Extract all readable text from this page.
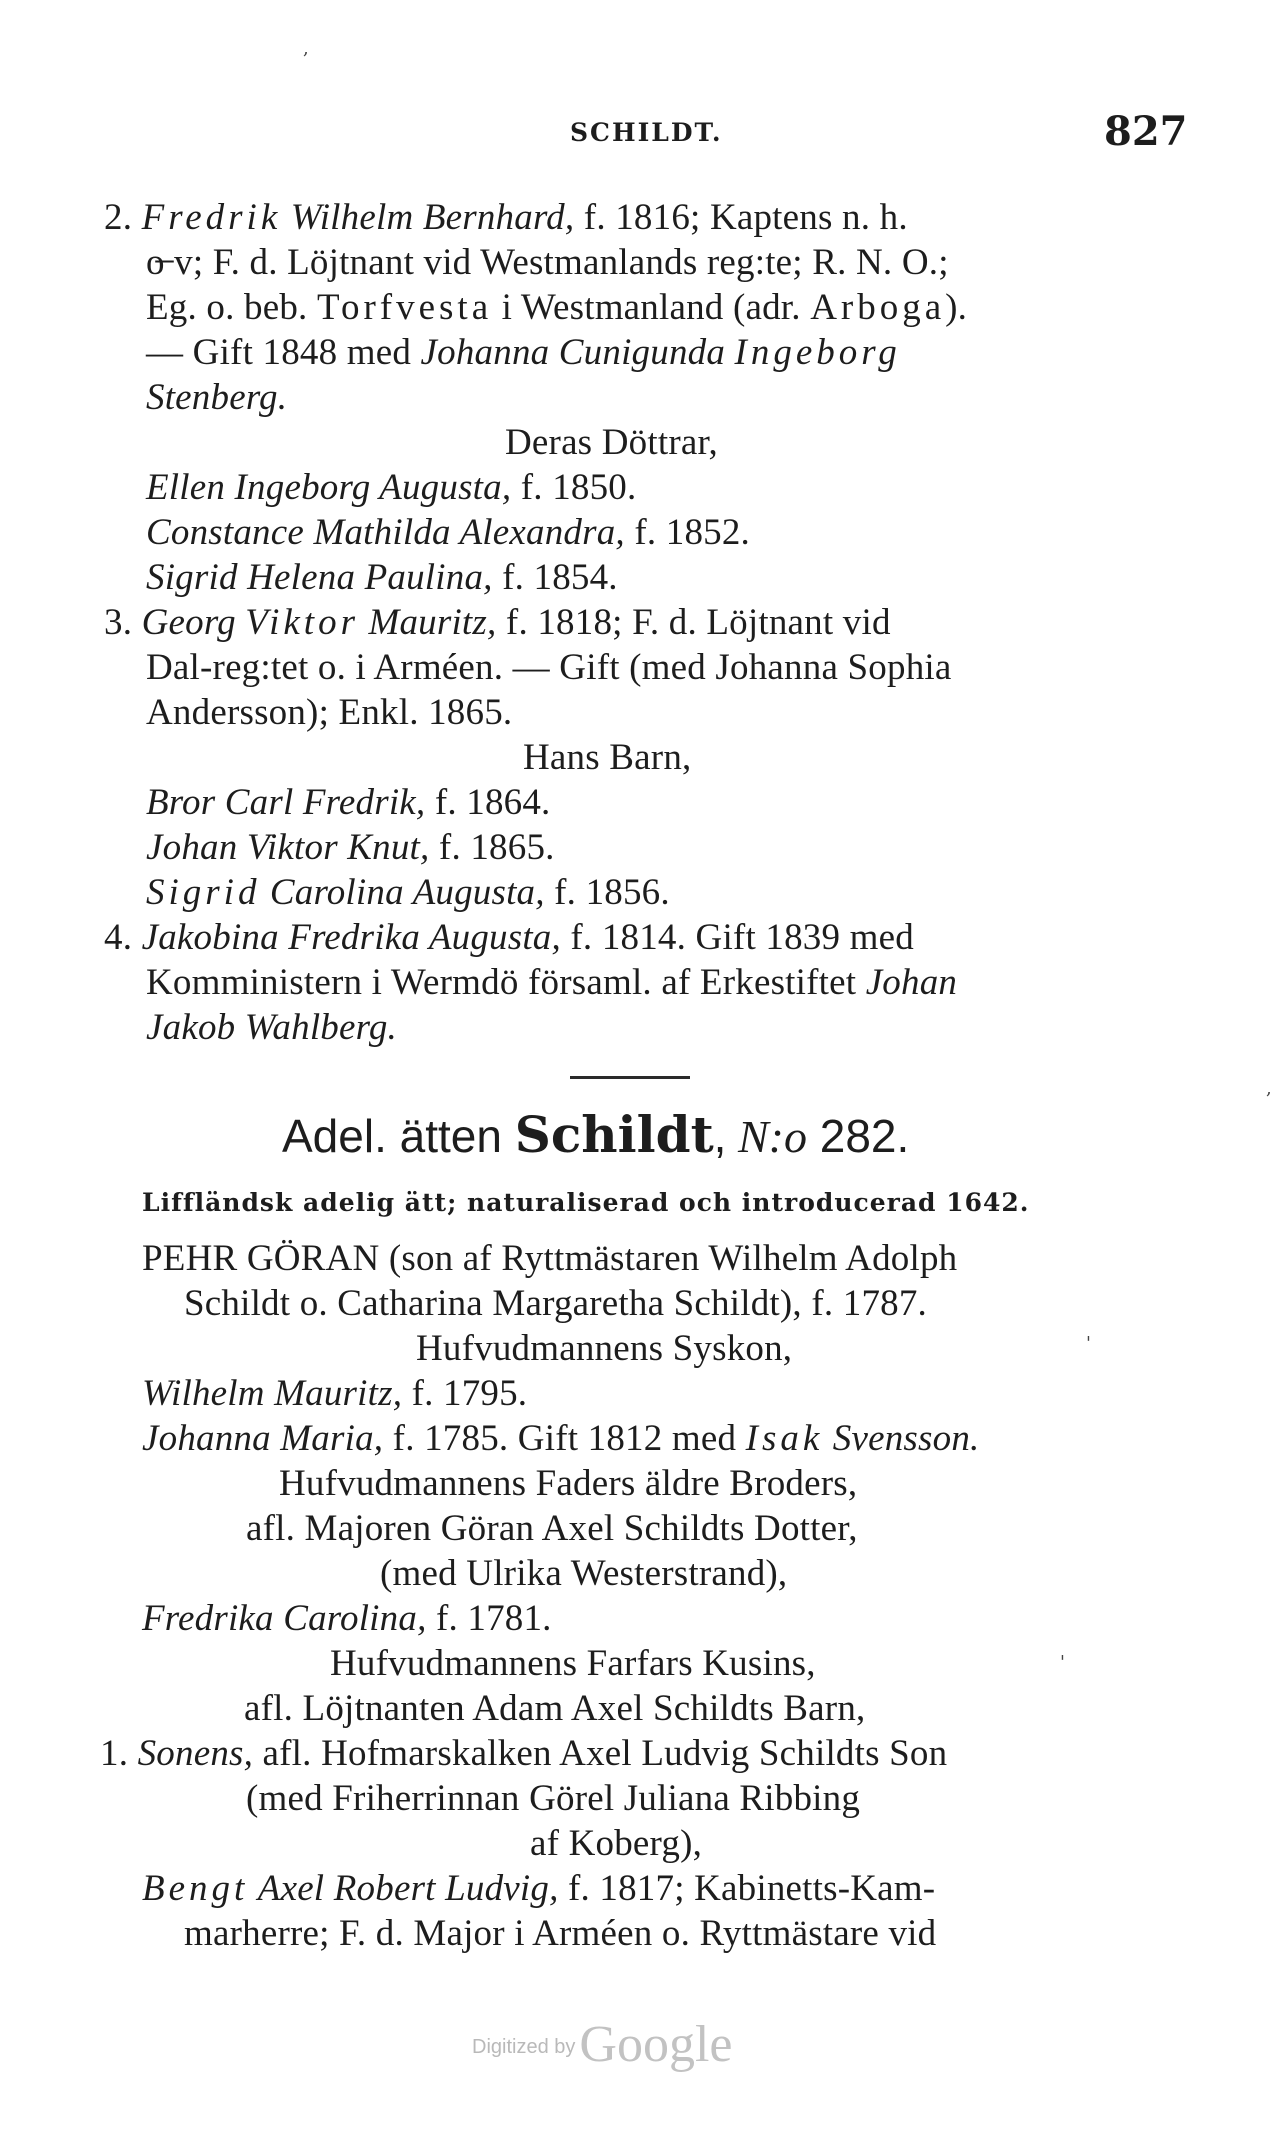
,
SCHILDT.	827
2. Fredrik Wilhelm Bernhard, f. 1816; Kaptens n. h.
o̶ v; F. d. Löjtnant vid Westmanlands reg:te; R. N. O.;
Eg. o. beb. Torfvesta i Westmanland (adr. Arboga).
— Gift 1848 med Johanna Cunigunda Ingeborg
Stenberg.
Deras Döttrar,
Ellen Ingeborg Augusta, f. 1850.
Constance Mathilda Alexandra, f. 1852.
Sigrid Helena Paulina, f. 1854.
3. Georg Viktor Mauritz, f. 1818; F. d. Löjtnant vid
Dal-reg:tet o. i Arméen. — Gift (med Johanna Sophia
Andersson); Enkl. 1865.
Hans Barn,
Bror Carl Fredrik, f. 1864.
Johan Viktor Knut, f. 1865.
Sigrid Carolina Augusta, f. 1856.
4. Jakobina Fredrika Augusta, f. 1814. Gift 1839 med
Komministern i Wermdö församl. af Erkestiftet Johan
Jakob Wahlberg.
,
Adel. ätten Schildt, N:o 282.
Liffländsk adelig ätt; naturaliserad och introducerad 1642.
PEHR GÖRAN (son af Ryttmästaren Wilhelm Adolph
Schildt o. Catharina Margaretha Schildt), f. 1787.
Hufvudmannens Syskon,	'
Wilhelm Mauritz, f. 1795.
Johanna Maria, f. 1785. Gift 1812 med Isak Svensson.
Hufvudmannens Faders äldre Broders,
afl. Majoren Göran Axel Schildts Dotter,
(med Ulrika Westerstrand),
Fredrika Carolina, f. 1781.
Hufvudmannens Farfars Kusins,	'
afl. Löjtnanten Adam Axel Schildts Barn,
1. Sonens, afl. Hofmarskalken Axel Ludvig Schildts Son
(med Friherrinnan Görel Juliana Ribbing
af Koberg),
Bengt Axel Robert Ludvig, f. 1817; Kabinetts-Kam-
marherre; F. d. Major i Arméen o. Ryttmästare vid
Digitized byGoogle
